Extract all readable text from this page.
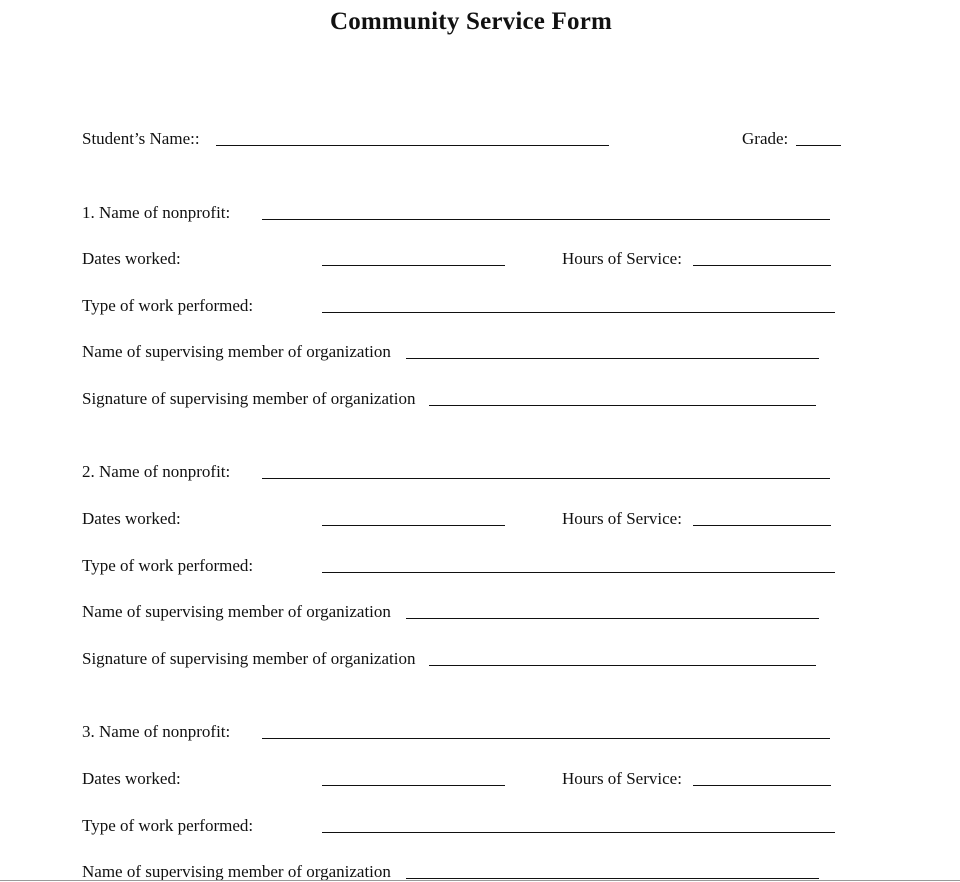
Community Service Form
Student’s Name::	Grade:
1. Name of nonprofit:
Dates worked:	Hours of Service:
Type of work performed:
Name of supervising member of organization
Signature of supervising member of organization
2. Name of nonprofit:
Dates worked:	Hours of Service:
Type of work performed:
Name of supervising member of organization
Signature of supervising member of organization
3. Name of nonprofit:
Dates worked:	Hours of Service:
Type of work performed:
Name of supervising member of organization
